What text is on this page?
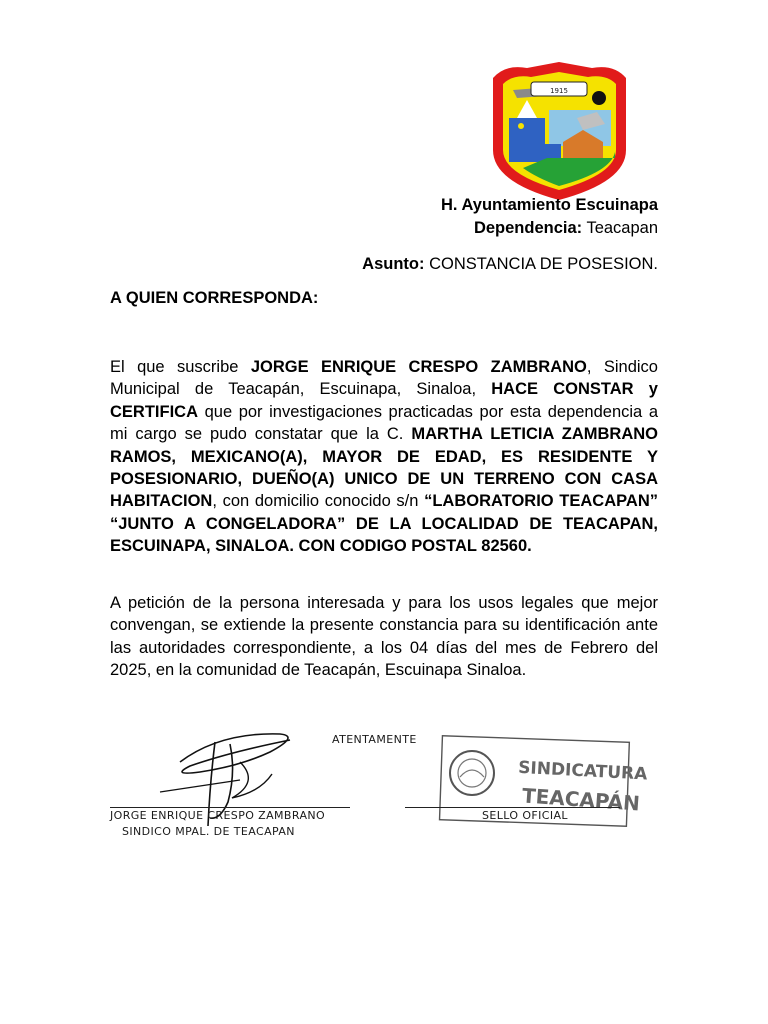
1915
H. Ayuntamiento Escuinapa
Dependencia: Teacapan
Asunto: CONSTANCIA DE POSESION.
A QUIEN CORRESPONDA:
El que suscribe JORGE ENRIQUE CRESPO ZAMBRANO, Sindico Municipal de Teacapán, Escuinapa, Sinaloa, HACE CONSTAR y CERTIFICA que por investigaciones practicadas por esta dependencia a mi cargo se pudo constatar que la C. MARTHA LETICIA ZAMBRANO RAMOS, MEXICANO(A), MAYOR DE EDAD, ES RESIDENTE Y POSESIONARIO, DUEÑO(A) UNICO DE UN TERRENO CON CASA HABITACION, con domicilio conocido s/n “LABORATORIO TEACAPAN” “JUNTO A CONGELADORA” DE LA LOCALIDAD DE TEACAPAN, ESCUINAPA, SINALOA. CON CODIGO POSTAL 82560.
A petición de la persona interesada y para los usos legales que mejor convengan, se extiende la presente constancia para su identificación ante las autoridades correspondiente, a los 04 días del mes de Febrero del 2025, en la comunidad de Teacapán, Escuinapa Sinaloa.
ATENTAMENTE
JORGE ENRIQUE CRESPO ZAMBRANO
SINDICO MPAL. DE TEACAPAN
SINDICATURA
TEACAPÁN
SELLO OFICIAL
